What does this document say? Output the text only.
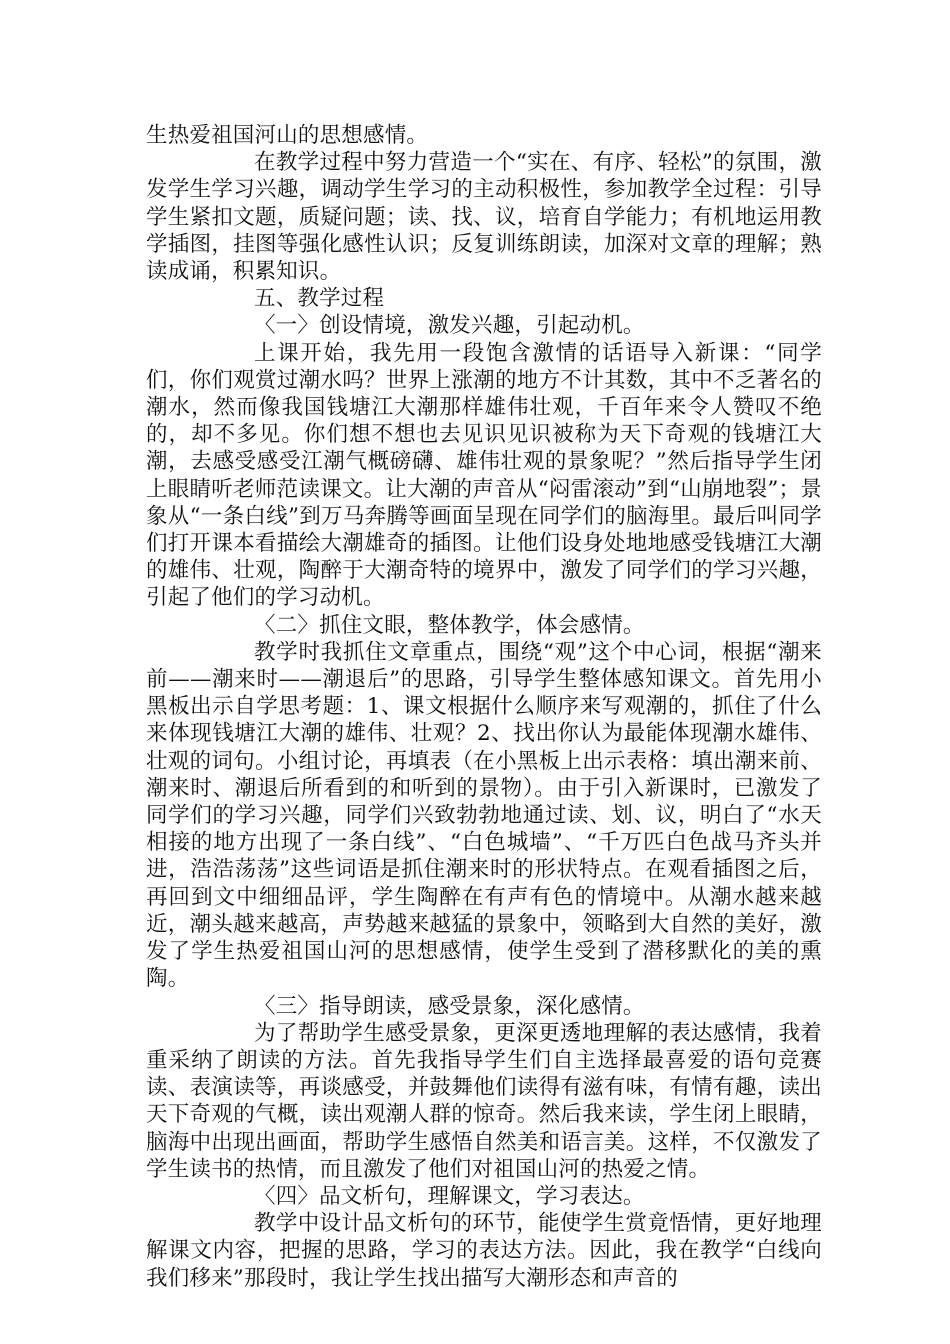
生热爱祖国河山的思想感情。

在教学过程中努力营造一个“实在、有序、轻松”的氛围，激发学生学习兴趣，调动学生学习的主动积极性，参加教学全过程：引导学生紧扣文题，质疑问题；读、找、议，培育自学能力；有机地运用教学插图，挂图等强化感性认识；反复训练朗读，加深对文章的理解；熟读成诵，积累知识。

五、教学过程

〈一〉创设情境，激发兴趣，引起动机。

上课开始，我先用一段饱含激情的话语导入新课：“同学们，你们观赏过潮水吗？世界上涨潮的地方不计其数，其中不乏著名的潮水，然而像我国钱塘江大潮那样雄伟壮观，千百年来令人赞叹不绝的，却不多见。你们想不想也去见识见识被称为天下奇观的钱塘江大潮，去感受感受江潮气概磅礴、雄伟壮观的景象呢？”然后指导学生闭上眼睛听老师范读课文。让大潮的声音从“闷雷滚动”到“山崩地裂”；景象从“一条白线”到万马奔腾等画面呈现在同学们的脑海里。最后叫同学们打开课本看描绘大潮雄奇的插图。让他们设身处地地感受钱塘江大潮的雄伟、壮观，陶醉于大潮奇特的境界中，激发了同学们的学习兴趣，引起了他们的学习动机。

〈二〉抓住文眼，整体教学，体会感情。

教学时我抓住文章重点，围绕“观”这个中心词，根据“潮来前——潮来时——潮退后”的思路，引导学生整体感知课文。首先用小黑板出示自学思考题：1、课文根据什么顺序来写观潮的，抓住了什么来体现钱塘江大潮的雄伟、壮观？2、找出你认为最能体现潮水雄伟、壮观的词句。小组讨论，再填表（在小黑板上出示表格：填出潮来前、潮来时、潮退后所看到的和听到的景物）。由于引入新课时，已激发了同学们的学习兴趣，同学们兴致勃勃地通过读、划、议，明白了“水天相接的地方出现了一条白线”、“白色城墙”、“千万匹白色战马齐头并进，浩浩荡荡”这些词语是抓住潮来时的形状特点。在观看插图之后，再回到文中细细品评，学生陶醉在有声有色的情境中。从潮水越来越近，潮头越来越高，声势越来越猛的景象中，领略到大自然的美好，激发了学生热爱祖国山河的思想感情，使学生受到了潜移默化的美的熏陶。

〈三〉指导朗读，感受景象，深化感情。

为了帮助学生感受景象，更深更透地理解的表达感情，我着重采纳了朗读的方法。首先我指导学生们自主选择最喜爱的语句竞赛读、表演读等，再谈感受，并鼓舞他们读得有滋有味，有情有趣，读出天下奇观的气概，读出观潮人群的惊奇。然后我来读，学生闭上眼睛，脑海中出现出画面，帮助学生感悟自然美和语言美。这样，不仅激发了学生读书的热情，而且激发了他们对祖国山河的热爱之情。

〈四〉品文析句，理解课文，学习表达。

教学中设计品文析句的环节，能使学生赏竟悟情，更好地理解课文内容，把握的思路，学习的表达方法。因此，我在教学“白线向我们移来”那段时，我让学生找出描写大潮形态和声音的
